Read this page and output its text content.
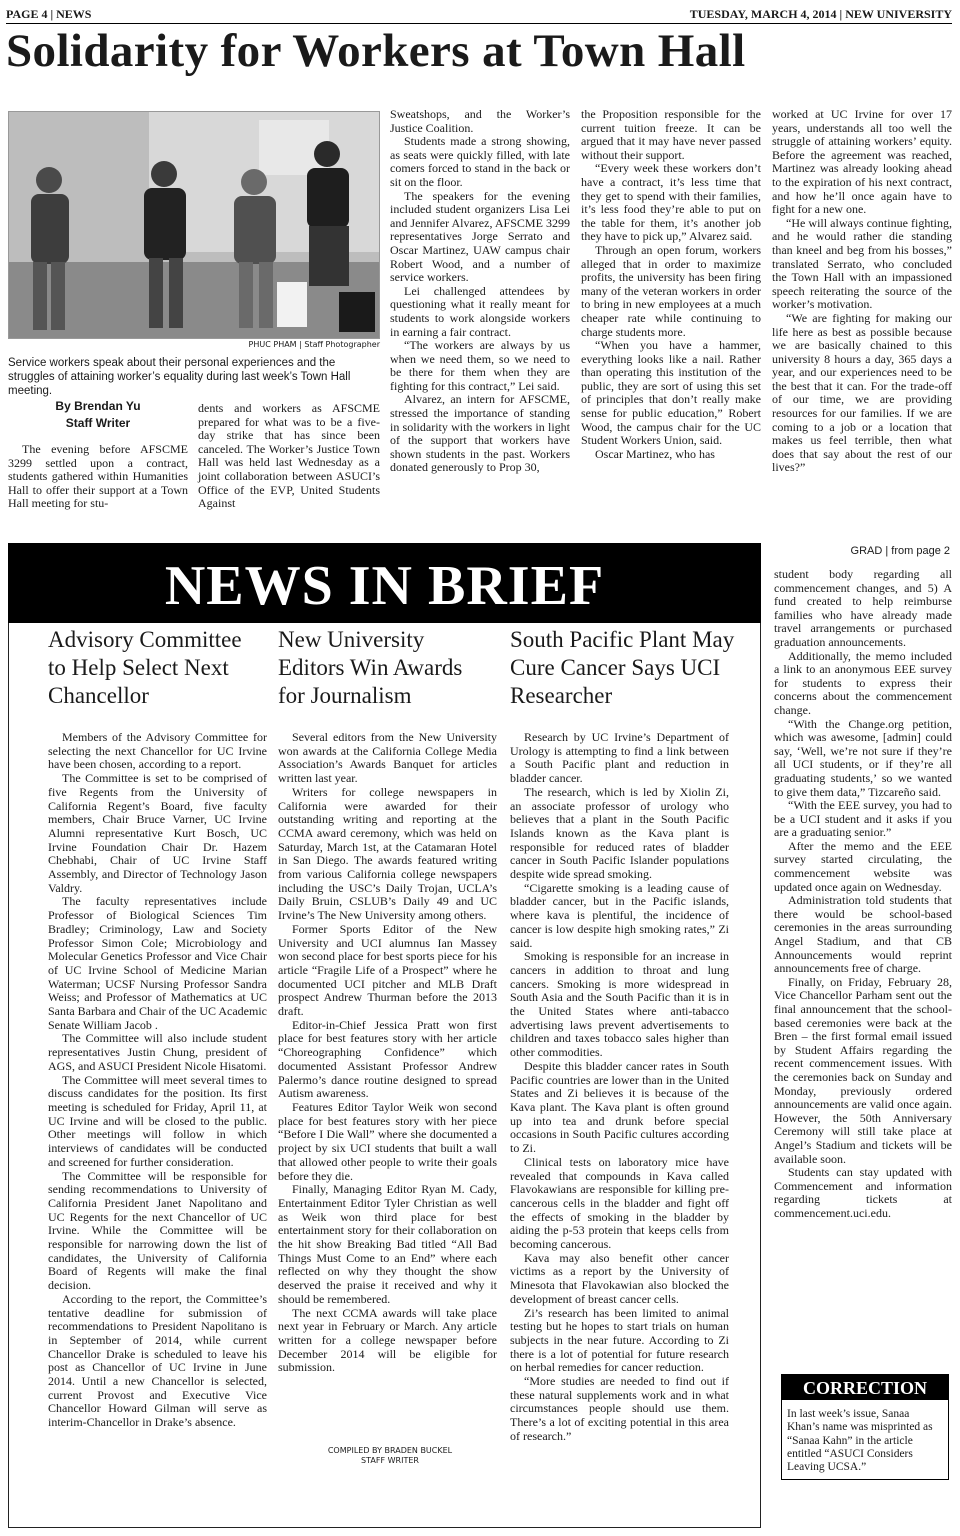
PAGE 4 | NEWS	TUESDAY, MARCH 4, 2014 | NEW UNIVERSITY
Solidarity for Workers at Town Hall
PHUC PHAM | Staff Photographer
Service workers speak about their personal experiences and the struggles of attaining worker’s equality during last week’s Town Hall meeting.
By Brendan Yu
Staff Writer

The evening before AFSCME 3299 settled upon a contract, students gathered within Humanities Hall to offer their support at a Town Hall meeting for stu-

dents and workers as AFSCME prepared for what was to be a five-day strike that has since been canceled. The Worker’s Justice Town Hall was held last Wednesday as a joint collaboration between ASUCI’s Office of the EVP, United Students Against

Sweatshops, and the Worker’s Justice Coalition.

Students made a strong showing, as seats were quickly filled, with late comers forced to stand in the back or sit on the floor.

The speakers for the evening included student organizers Lisa Lei and Jennifer Alvarez, AFSCME 3299 representatives Jorge Serrato and Oscar Martinez, UAW campus chair Robert Wood, and a number of service workers.

Lei challenged attendees by questioning what it really meant for students to work alongside workers in earning a fair contract.

“The workers are always by us when we need them, so we need to be there for them when they are fighting for this contract,” Lei said.

Alvarez, an intern for AFSCME, stressed the importance of standing in solidarity with the workers in light of the support that workers have shown students in the past. Workers donated generously to Prop 30,

the Proposition responsible for the current tuition freeze. It can be argued that it may have never passed without their support.

“Every week these workers don’t have a contract, it’s less time that they get to spend with their families, it’s less food they’re able to put on the table for them, it’s another job they have to pick up,” Alvarez said.

Through an open forum, workers alleged that in order to maximize profits, the university has been firing many of the veteran workers in order to bring in new employees at a much cheaper rate while continuing to charge students more.

“When you have a hammer, everything looks like a nail. Rather than operating this institution of the public, they are sort of using this set of principles that don’t really make sense for public education,” Robert Wood, the campus chair for the UC Student Workers Union, said.

Oscar Martinez, who has

worked at UC Irvine for over 17 years, understands all too well the struggle of attaining workers’ equity. Before the agreement was reached, Martinez was already looking ahead to the expiration of his next contract, and how he’ll once again have to fight for a new one.

“He will always continue fighting, and he would rather die standing than kneel and beg from his bosses,” translated Serrato, who concluded the Town Hall with an impassioned speech reiterating the source of the worker’s motivation.

“We are fighting for making our life here as best as possible because we are basically chained to this university 8 hours a day, 365 days a year, and our experiences need to be the best that it can. For the trade-off of our time, we are providing resources for our families. If we are coming to a job or a location that makes us feel terrible, then what does that say about the rest of our lives?”

NEWS IN BRIEF
Advisory Committee to Help Select Next Chancellor
New University Editors Win Awards for Journalism
South Pacific Plant May Cure Cancer Says UCI Researcher

Members of the Advisory Committee for selecting the next Chancellor for UC Irvine have been chosen, according to a report.

The Committee is set to be comprised of five Regents from the University of California Regent’s Board, five faculty members, Chair Bruce Varner, UC Irvine Alumni representative Kurt Bosch, UC Irvine Foundation Chair Dr. Hazem Chebhabi, Chair of UC Irvine Staff Assembly, and Director of Technology Jason Valdry.

The faculty representatives include Professor of Biological Sciences Tim Bradley; Criminology, Law and Society Professor Simon Cole; Microbiology and Molecular Genetics Professor and Vice Chair of UC Irvine School of Medicine Marian Waterman; UCSF Nursing Professor Sandra Weiss; and Professor of Mathematics at UC Santa Barbara and Chair of the UC Academic Senate William Jacob .

The Committee will also include student representatives Justin Chung, president of AGS, and ASUCI President Nicole Hisatomi.

The Committee will meet several times to discuss candidates for the position. Its first meeting is scheduled for Friday, April 11, at UC Irvine and will be closed to the public. Other meetings will follow in which interviews of candidates will be conducted and screened for further consideration.

The Committee will be responsible for sending recommendations to University of California President Janet Napolitano and UC Regents for the next Chancellor of UC Irvine. While the Committee will be responsible for narrowing down the list of candidates, the University of California Board of Regents will make the final decision.

According to the report, the Committee’s tentative deadline for submission of recommendations to President Napolitano is in September of 2014, while current Chancellor Drake is scheduled to leave his post as Chancellor of UC Irvine in June 2014. Until a new Chancellor is selected, current Provost and Executive Vice Chancellor Howard Gilman will serve as interim-Chancellor in Drake’s absence.

Several editors from the New University won awards at the California College Media Association’s Awards Banquet for articles written last year.

Writers for college newspapers in California were awarded for their outstanding writing and reporting at the CCMA award ceremony, which was held on Saturday, March 1st, at the Catamaran Hotel in San Diego. The awards featured writing from various California college newspapers including the USC’s Daily Trojan, UCLA’s Daily Bruin, CSLUB’s Daily 49 and UC Irvine’s The New University among others.

Former Sports Editor of the New University and UCI alumnus Ian Massey won second place for best sports piece for his article “Fragile Life of a Prospect” where he documented UCI pitcher and MLB Draft prospect Andrew Thurman before the 2013 draft.

Editor-in-Chief Jessica Pratt won first place for best features story with her article “Choreographing Confidence” which documented Assistant Professor Andrew Palermo’s dance routine designed to spread Autism awareness.

Features Editor Taylor Weik won second place for best features story with her piece “Before I Die Wall” where she documented a project by six UCI students that built a wall that allowed other people to write their goals before they die.

Finally, Managing Editor Ryan M. Cady, Entertainment Editor Tyler Christian as well as Weik won third place for best entertainment story for their collaboration on the hit show Breaking Bad titled “All Bad Things Must Come to an End” where each reflected on why they thought the show deserved the praise it received and why it should be remembered.

The next CCMA awards will take place next year in February or March. Any article written for a college newspaper before December 2014 will be eligible for submission.

Research by UC Irvine’s Department of Urology is attempting to find a link between a South Pacific plant and reduction in bladder cancer.

The research, which is led by Xiolin Zi, an associate professor of urology who believes that a plant in the South Pacific Islands known as the Kava plant is responsible for reduced rates of bladder cancer in South Pacific Islander populations despite wide spread smoking.

“Cigarette smoking is a leading cause of bladder cancer, but in the Pacific islands, where kava is plentiful, the incidence of cancer is low despite high smoking rates,” Zi said.

Smoking is responsible for an increase in cancers in addition to throat and lung cancers. Smoking is more widespread in South Asia and the South Pacific than it is in the United States where anti-tabacco advertising laws prevent advertisements to children and taxes tobacco sales higher than other commodities.

Despite this bladder cancer rates in South Pacific countries are lower than in the United States and Zi believes it is because of the Kava plant. The Kava plant is often ground up into tea and drunk before special occasions in South Pacific cultures according to Zi.

Clinical tests on laboratory mice have revealed that compounds in Kava called Flavokawians are responsible for killing pre-cancerous cells in the bladder and fight off the effects of smoking in the bladder by aiding the p-53 protein that keeps cells from becoming cancerous.

Kava may also benefit other cancer victims as a report by the University of Minesota that Flavokawian also blocked the development of breast cancer cells.

Zi’s research has been limited to animal testing but he hopes to start trials on human subjects in the near future. According to Zi there is a lot of potential for future research on herbal remedies for cancer reduction.

“More studies are needed to find out if these natural supplements work and in what circumstances people should use them. There’s a lot of exciting potential in this area of research.”

COMPILED BY BRADEN BUCKEL
STAFF WRITER
GRAD | from page 2

student body regarding all commencement changes, and 5) A fund created to help reimburse families who have already made travel arrangements or purchased graduation announcements.

Additionally, the memo included a link to an anonymous EEE survey for students to express their concerns about the commencement change.

“With the Change.org petition, which was awesome, [admin] could say, ‘Well, we’re not sure if they’re all UCI students, or if they’re all graduating students,’ so we wanted to give them data,” Tizcareño said.

“With the EEE survey, you had to be a UCI student and it asks if you are a graduating senior.”

After the memo and the EEE survey started circulating, the commencement website was updated once again on Wednesday.

Administration told students that there would be school-based ceremonies in the areas surrounding Angel Stadium, and that CB Announcements would reprint announcements free of charge.

Finally, on Friday, February 28, Vice Chancellor Parham sent out the final announcement that the school-based ceremonies were back at the Bren – the first formal email issued by Student Affairs regarding the recent commencement issues. With the ceremonies back on Sunday and Monday, previously ordered announcements are valid once again. However, the 50th Anniversary Ceremony will still take place at Angel’s Stadium and tickets will be available soon.

Students can stay updated with Commencement and information regarding tickets at commencement.uci.edu.

CORRECTION
In last week’s issue, Sanaa Khan’s name was misprinted as “Sanaa Kahn” in the article entitled “ASUCI Considers Leaving UCSA.”
